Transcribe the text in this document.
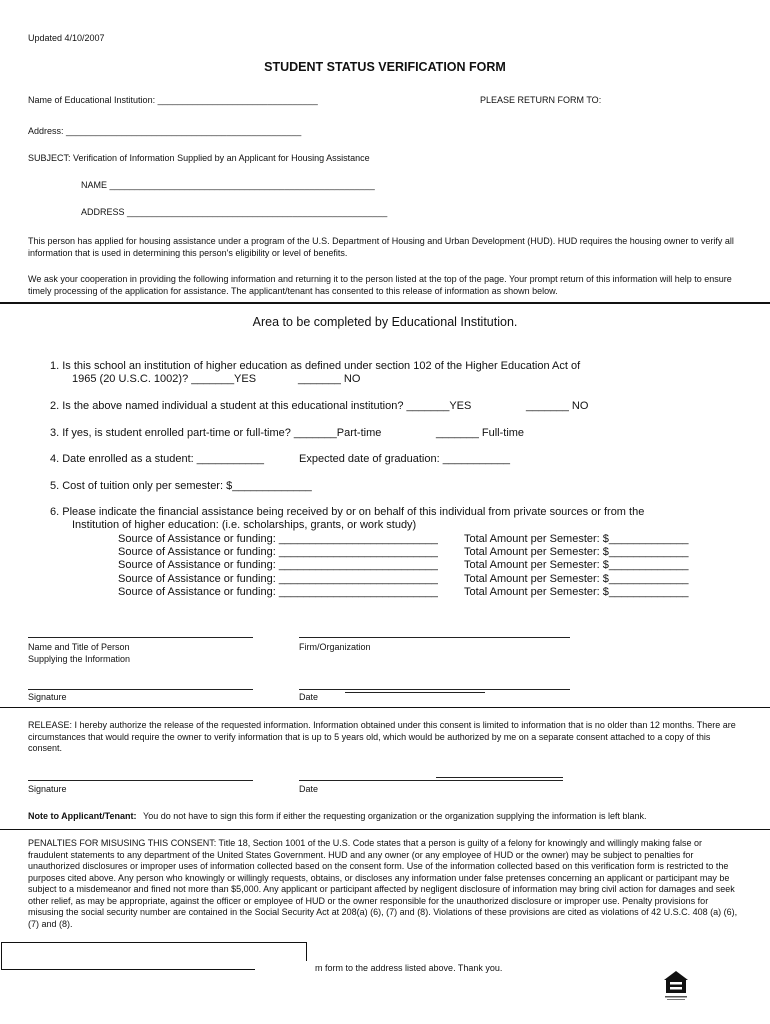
Updated 4/10/2007
STUDENT STATUS VERIFICATION FORM
Name of Educational Institution: ________________________________	PLEASE RETURN FORM TO:
Address: _______________________________________________
SUBJECT: Verification of Information Supplied by an Applicant for Housing Assistance
NAME _____________________________________________________
ADDRESS ____________________________________________________
This person has applied for housing assistance under a program of the U.S. Department of Housing and Urban Development (HUD). HUD requires the housing owner to verify all information that is used in determining this person's eligibility or level of benefits.
We ask your cooperation in providing the following information and returning it to the person listed at the top of the page. Your prompt return of this information will help to ensure timely processing of the application for assistance. The applicant/tenant has consented to this release of information as shown below.
Area to be completed by Educational Institution.
1. Is this school an institution of higher education as defined under section 102 of the Higher Education Act of
1965 (20 U.S.C. 1002)? _______YES	_______ NO
2. Is the above named individual a student at this educational institution? _______YES	_______ NO
3. If yes, is student enrolled part-time or full-time? _______Part-time	_______ Full-time
4. Date enrolled as a student: ___________	Expected date of graduation: ___________
5. Cost of tuition only per semester: $_____________
6. Please indicate the financial assistance being received by or on behalf of this individual from private sources or from the
Institution of higher education: (i.e. scholarships, grants, or work study)
Source of Assistance or funding: __________________________ Total Amount per Semester: $_____________
Source of Assistance or funding: __________________________ Total Amount per Semester: $_____________
Source of Assistance or funding: __________________________ Total Amount per Semester: $_____________
Source of Assistance or funding: __________________________ Total Amount per Semester: $_____________
Source of Assistance or funding: __________________________ Total Amount per Semester: $_____________
Name and Title of Person
Supplying the Information
Firm/Organization
Signature	Date
RELEASE: I hereby authorize the release of the requested information. Information obtained under this consent is limited to information that is no older than 12 months. There are circumstances that would require the owner to verify information that is up to 5 years old, which would be authorized by me on a separate consent attached to a copy of this consent.
Signature	Date
Note to Applicant/Tenant: You do not have to sign this form if either the requesting organization or the organization supplying the information is left blank.
PENALTIES FOR MISUSING THIS CONSENT: Title 18, Section 1001 of the U.S. Code states that a person is guilty of a felony for knowingly and willingly making false or fraudulent statements to any department of the United States Government. HUD and any owner (or any employee of HUD or the owner) may be subject to penalties for unauthorized disclosures or improper uses of information collected based on the consent form. Use of the information collected based on this verification form is restricted to the purposes cited above. Any person who knowingly or willingly requests, obtains, or discloses any information under false pretenses concerning an applicant or participant may be subject to a misdemeanor and fined not more than $5,000. Any applicant or participant affected by negligent disclosure of information may bring civil action for damages and seek other relief, as may be appropriate, against the officer or employee of HUD or the owner responsible for the unauthorized disclosure or improper use. Penalty provisions for misusing the social security number are contained in the Social Security Act at 208(a) (6), (7) and (8). Violations of these provisions are cited as violations of 42 U.S.C. 408 (a) (6), (7) and (8).
m form to the address listed above. Thank you.
